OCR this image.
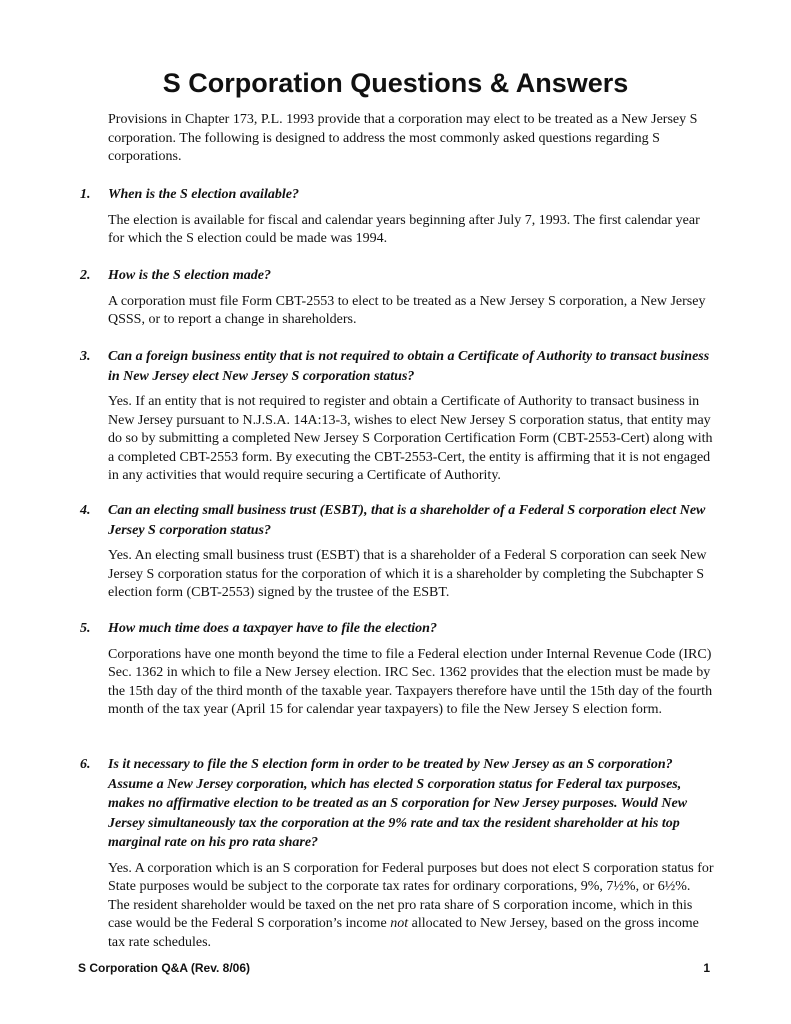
S Corporation Questions & Answers
Provisions in Chapter 173, P.L. 1993 provide that a corporation may elect to be treated as a New Jersey S corporation. The following is designed to address the most commonly asked questions regarding S corporations.
1. When is the S election available?
The election is available for fiscal and calendar years beginning after July 7, 1993. The first calendar year for which the S election could be made was 1994.
2. How is the S election made?
A corporation must file Form CBT-2553 to elect to be treated as a New Jersey S corporation, a New Jersey QSSS, or to report a change in shareholders.
3. Can a foreign business entity that is not required to obtain a Certificate of Authority to transact business in New Jersey elect New Jersey S corporation status?
Yes. If an entity that is not required to register and obtain a Certificate of Authority to transact business in New Jersey pursuant to N.J.S.A. 14A:13-3, wishes to elect New Jersey S corporation status, that entity may do so by submitting a completed New Jersey S Corporation Certification Form (CBT-2553-Cert) along with a completed CBT-2553 form. By executing the CBT-2553-Cert, the entity is affirming that it is not engaged in any activities that would require securing a Certificate of Authority.
4. Can an electing small business trust (ESBT), that is a shareholder of a Federal S corporation elect New Jersey S corporation status?
Yes. An electing small business trust (ESBT) that is a shareholder of a Federal S corporation can seek New Jersey S corporation status for the corporation of which it is a shareholder by completing the Subchapter S election form (CBT-2553) signed by the trustee of the ESBT.
5. How much time does a taxpayer have to file the election?
Corporations have one month beyond the time to file a Federal election under Internal Revenue Code (IRC) Sec. 1362 in which to file a New Jersey election. IRC Sec. 1362 provides that the election must be made by the 15th day of the third month of the taxable year. Taxpayers therefore have until the 15th day of the fourth month of the tax year (April 15 for calendar year taxpayers) to file the New Jersey S election form.
6. Is it necessary to file the S election form in order to be treated by New Jersey as an S corporation? Assume a New Jersey corporation, which has elected S corporation status for Federal tax purposes, makes no affirmative election to be treated as an S corporation for New Jersey purposes. Would New Jersey simultaneously tax the corporation at the 9% rate and tax the resident shareholder at his top marginal rate on his pro rata share?
Yes. A corporation which is an S corporation for Federal purposes but does not elect S corporation status for State purposes would be subject to the corporate tax rates for ordinary corporations, 9%, 7½%, or 6½%. The resident shareholder would be taxed on the net pro rata share of S corporation income, which in this case would be the Federal S corporation’s income not allocated to New Jersey, based on the gross income tax rate schedules.
S Corporation Q&A (Rev. 8/06)	1
